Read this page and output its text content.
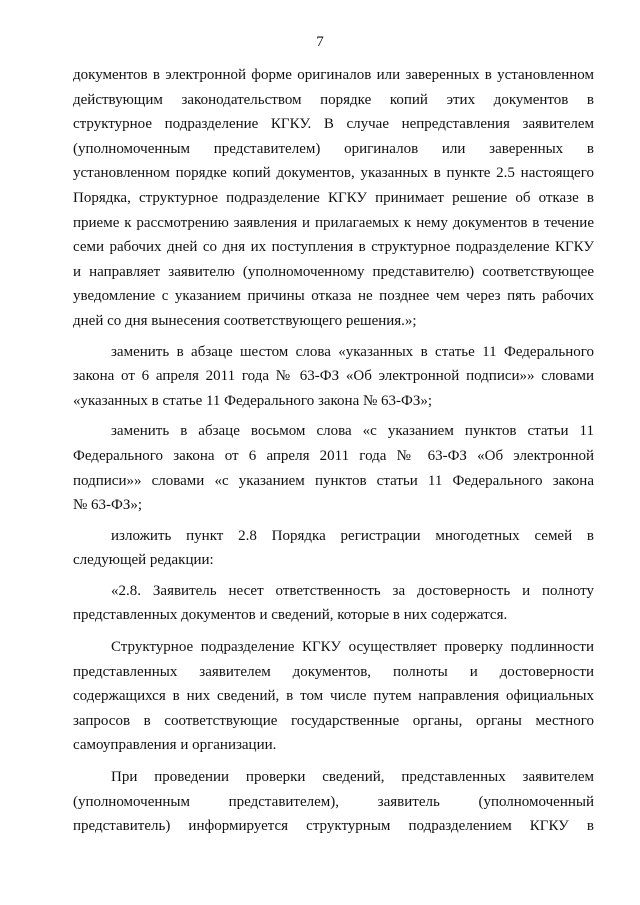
7
документов в электронной форме оригиналов или заверенных в установленном
действующим законодательством порядке копий этих документов в
структурное подразделение КГКУ. В случае непредставления заявителем
(уполномоченным представителем) оригиналов или заверенных в
установленном порядке копий документов, указанных в пункте 2.5 настоящего
Порядка, структурное подразделение КГКУ принимает решение об отказе в
приеме к рассмотрению заявления и прилагаемых к нему документов в течение
семи рабочих дней со дня их поступления в структурное подразделение КГКУ
и направляет заявителю (уполномоченному представителю) соответствующее
уведомление с указанием причины отказа не позднее чем через пять рабочих
дней со дня вынесения соответствующего решения.»;
заменить в абзаце шестом слова «указанных в статье 11 Федерального
закона от 6 апреля 2011 года № 63-ФЗ «Об электронной подписи»» словами
«указанных в статье 11 Федерального закона № 63-ФЗ»;
заменить в абзаце восьмом слова «с указанием пунктов статьи 11
Федерального закона от 6 апреля 2011 года № 63-ФЗ «Об электронной
подписи»» словами «с указанием пунктов статьи 11 Федерального закона
№ 63-ФЗ»;
изложить пункт 2.8 Порядка регистрации многодетных семей в
следующей редакции:
«2.8. Заявитель несет ответственность за достоверность и полноту
представленных документов и сведений, которые в них содержатся.
Структурное подразделение КГКУ осуществляет проверку подлинности
представленных заявителем документов, полноты и достоверности
содержащихся в них сведений, в том числе путем направления официальных
запросов в соответствующие государственные органы, органы местного
самоуправления и организации.
При проведении проверки сведений, представленных заявителем
(уполномоченным представителем), заявитель (уполномоченный
представитель) информируется структурным подразделением КГКУ в
